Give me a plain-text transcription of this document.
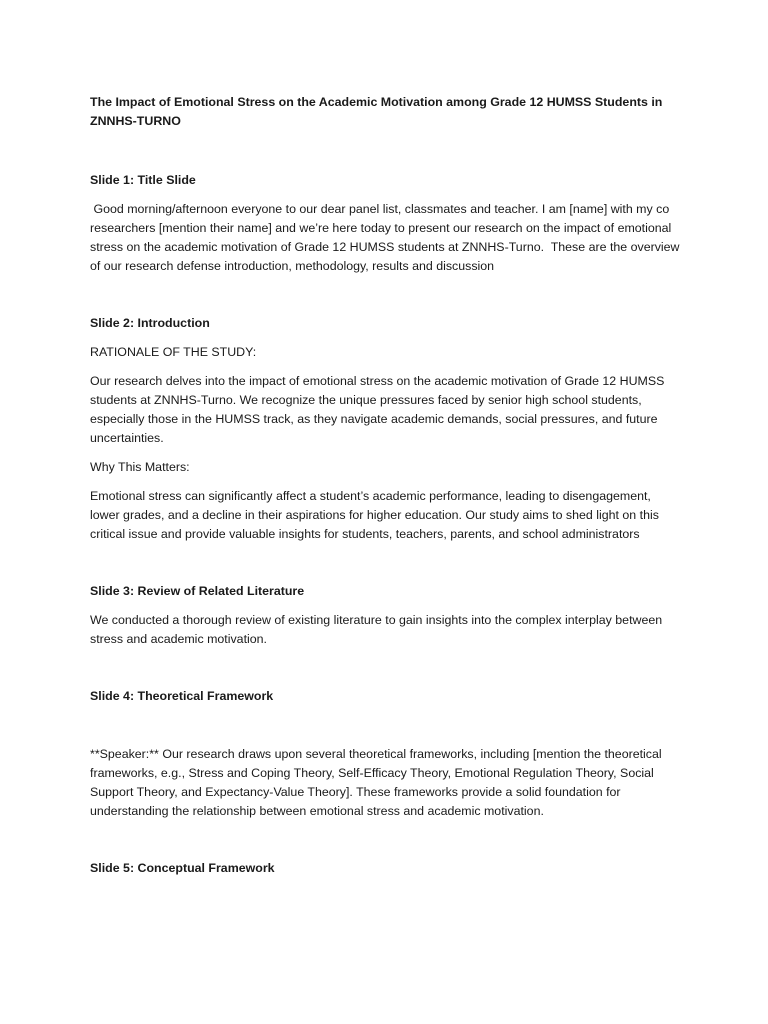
The Impact of Emotional Stress on the Academic Motivation among Grade 12 HUMSS Students in ZNNHS-TURNO

Slide 1: Title Slide

Good morning/afternoon everyone to our dear panel list, classmates and teacher. I am [name] with my co researchers [mention their name] and we’re here today to present our research on the impact of emotional stress on the academic motivation of Grade 12 HUMSS students at ZNNHS-Turno.  These are the overview of our research defense introduction, methodology, results and discussion

Slide 2: Introduction

RATIONALE OF THE STUDY:

Our research delves into the impact of emotional stress on the academic motivation of Grade 12 HUMSS students at ZNNHS-Turno. We recognize the unique pressures faced by senior high school students, especially those in the HUMSS track, as they navigate academic demands, social pressures, and future uncertainties.

Why This Matters:

Emotional stress can significantly affect a student’s academic performance, leading to disengagement, lower grades, and a decline in their aspirations for higher education. Our study aims to shed light on this critical issue and provide valuable insights for students, teachers, parents, and school administrators

Slide 3: Review of Related Literature

We conducted a thorough review of existing literature to gain insights into the complex interplay between stress and academic motivation.

Slide 4: Theoretical Framework

**Speaker:** Our research draws upon several theoretical frameworks, including [mention the theoretical frameworks, e.g., Stress and Coping Theory, Self-Efficacy Theory, Emotional Regulation Theory, Social Support Theory, and Expectancy-Value Theory]. These frameworks provide a solid foundation for understanding the relationship between emotional stress and academic motivation.

Slide 5: Conceptual Framework
